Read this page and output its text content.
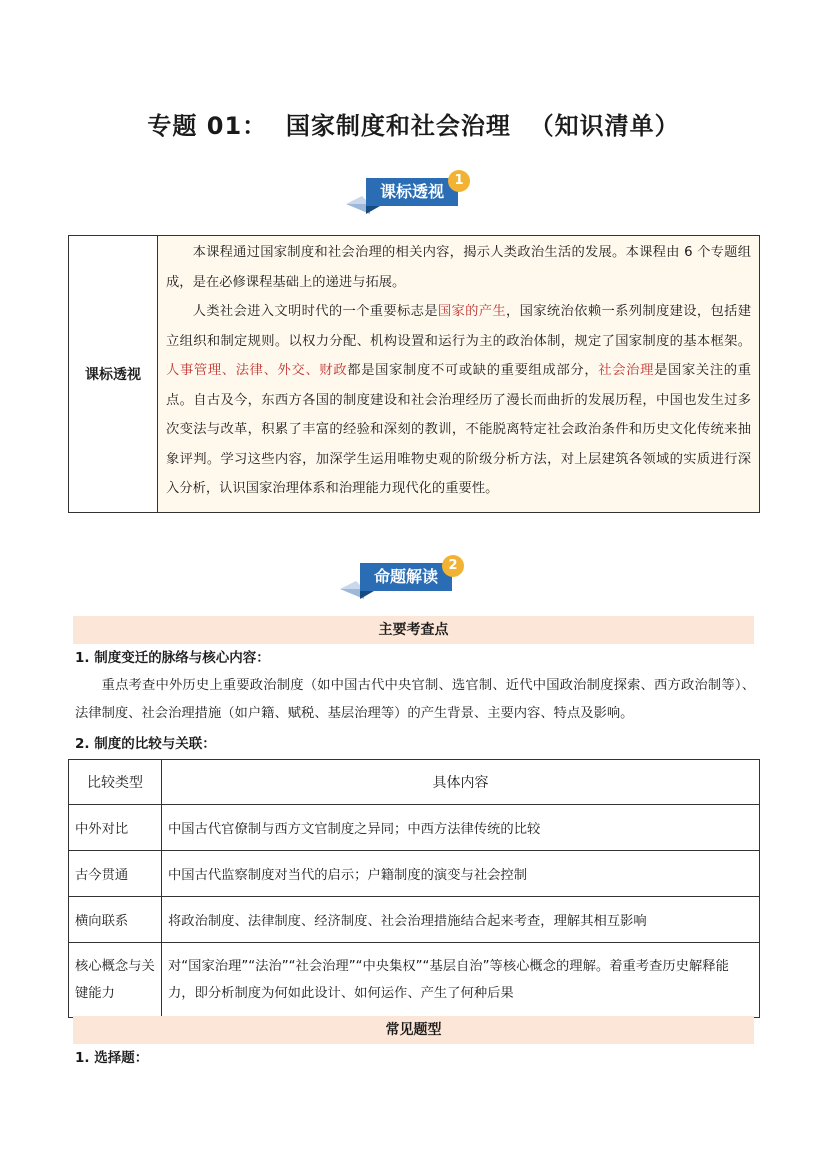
专题 01：  国家制度和社会治理  （知识清单）
课标透视
1
课标透视	

本课程通过国家制度和社会治理的相关内容，揭示人类政治生活的发展。本课程由 6 个专题组成，是在必修课程基础上的递进与拓展。

人类社会进入文明时代的一个重要标志是国家的产生，国家统治依赖一系列制度建设，包括建立组织和制定规则。以权力分配、机构设置和运行为主的政治体制，规定了国家制度的基本框架。人事管理、法律、外交、财政都是国家制度不可或缺的重要组成部分，社会治理是国家关注的重点。自古及今，东西方各国的制度建设和社会治理经历了漫长而曲折的发展历程，中国也发生过多次变法与改革，积累了丰富的经验和深刻的教训，不能脱离特定社会政治条件和历史文化传统来抽象评判。学习这些内容，加深学生运用唯物史观的阶级分析方法，对上层建筑各领域的实质进行深入分析，认识国家治理体系和治理能力现代化的重要性。

命题解读
2
主要考查点
1. 制度变迁的脉络与核心内容：

重点考查中外历史上重要政治制度（如中国古代中央官制、选官制、近代中国政治制度探索、西方政治制等）、法律制度、社会治理措施（如户籍、赋税、基层治理等）的产生背景、主要内容、特点及影响。

2. 制度的比较与关联：
比较类型	具体内容
中外对比	中国古代官僚制与西方文官制度之异同；中西方法律传统的比较
古今贯通	中国古代监察制度对当代的启示；户籍制度的演变与社会控制
横向联系	将政治制度、法律制度、经济制度、社会治理措施结合起来考查，理解其相互影响
核心概念与关键能力	对“国家治理”“法治”“社会治理”“中央集权”“基层自治”等核心概念的理解。着重考查历史解释能力，即分析制度为何如此设计、如何运作、产生了何种后果
常见题型
1. 选择题：
